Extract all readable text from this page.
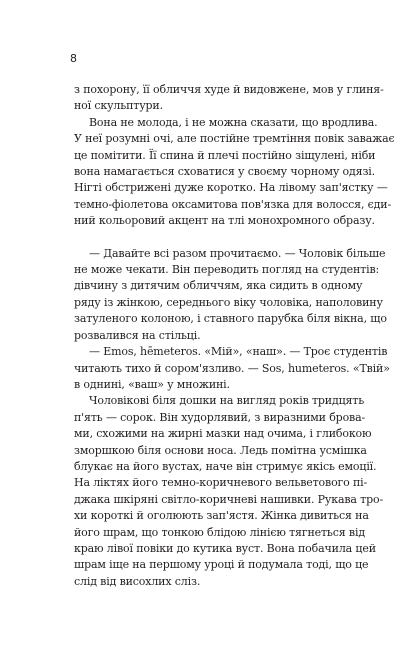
8
з похорону, її обличчя худе й видовжене, мов у глиня-
ної скульптури.
Вона не молода, і не можна сказати, що вродлива.
У неї розумні очі, але постійне тремтіння повік заважає
це помітити. Її спина й плечі постійно зіщулені, ніби
вона намагається сховатися у своєму чорному одязі.
Нігті обстрижені дуже коротко. На лівому зап'ястку —
темно-фіолетова оксамитова пов'язка для волосся, єди-
ний кольоровий акцент на тлі монохромного образу.
— Давайте всі разом прочитаємо. — Чоловік більше
не може чекати. Він переводить погляд на студентів:
дівчину з дитячим обличчям, яка сидить в одному
ряду із жінкою, середнього віку чоловіка, наполовину
затуленого колоною, і ставного парубка біля вікна, що
розвалився на стільці.
— Emos, hēmeteros. «Мій», «наш». — Троє студентів
читають тихо й сором'язливо. — Sos, humeteros. «Твій»
в однині, «ваш» у множині.
Чоловікові біля дошки на вигляд років тридцять
п'ять — сорок. Він худорлявий, з виразними брова-
ми, схожими на жирні мазки над очима, і глибокою
зморшкою біля основи носа. Ледь помітна усмішка
блукає на його вустах, наче він стримує якісь емоції.
На ліктях його темно-коричневого вельветового пі-
джака шкіряні світло-коричневі нашивки. Рукава тро-
хи короткі й оголюють зап'ястя. Жінка дивиться на
його шрам, що тонкою блідою лінією тягнеться від
краю лівої повіки до кутика вуст. Вона побачила цей
шрам іще на першому уроці й подумала тоді, що це
слід від висохлих сліз.
